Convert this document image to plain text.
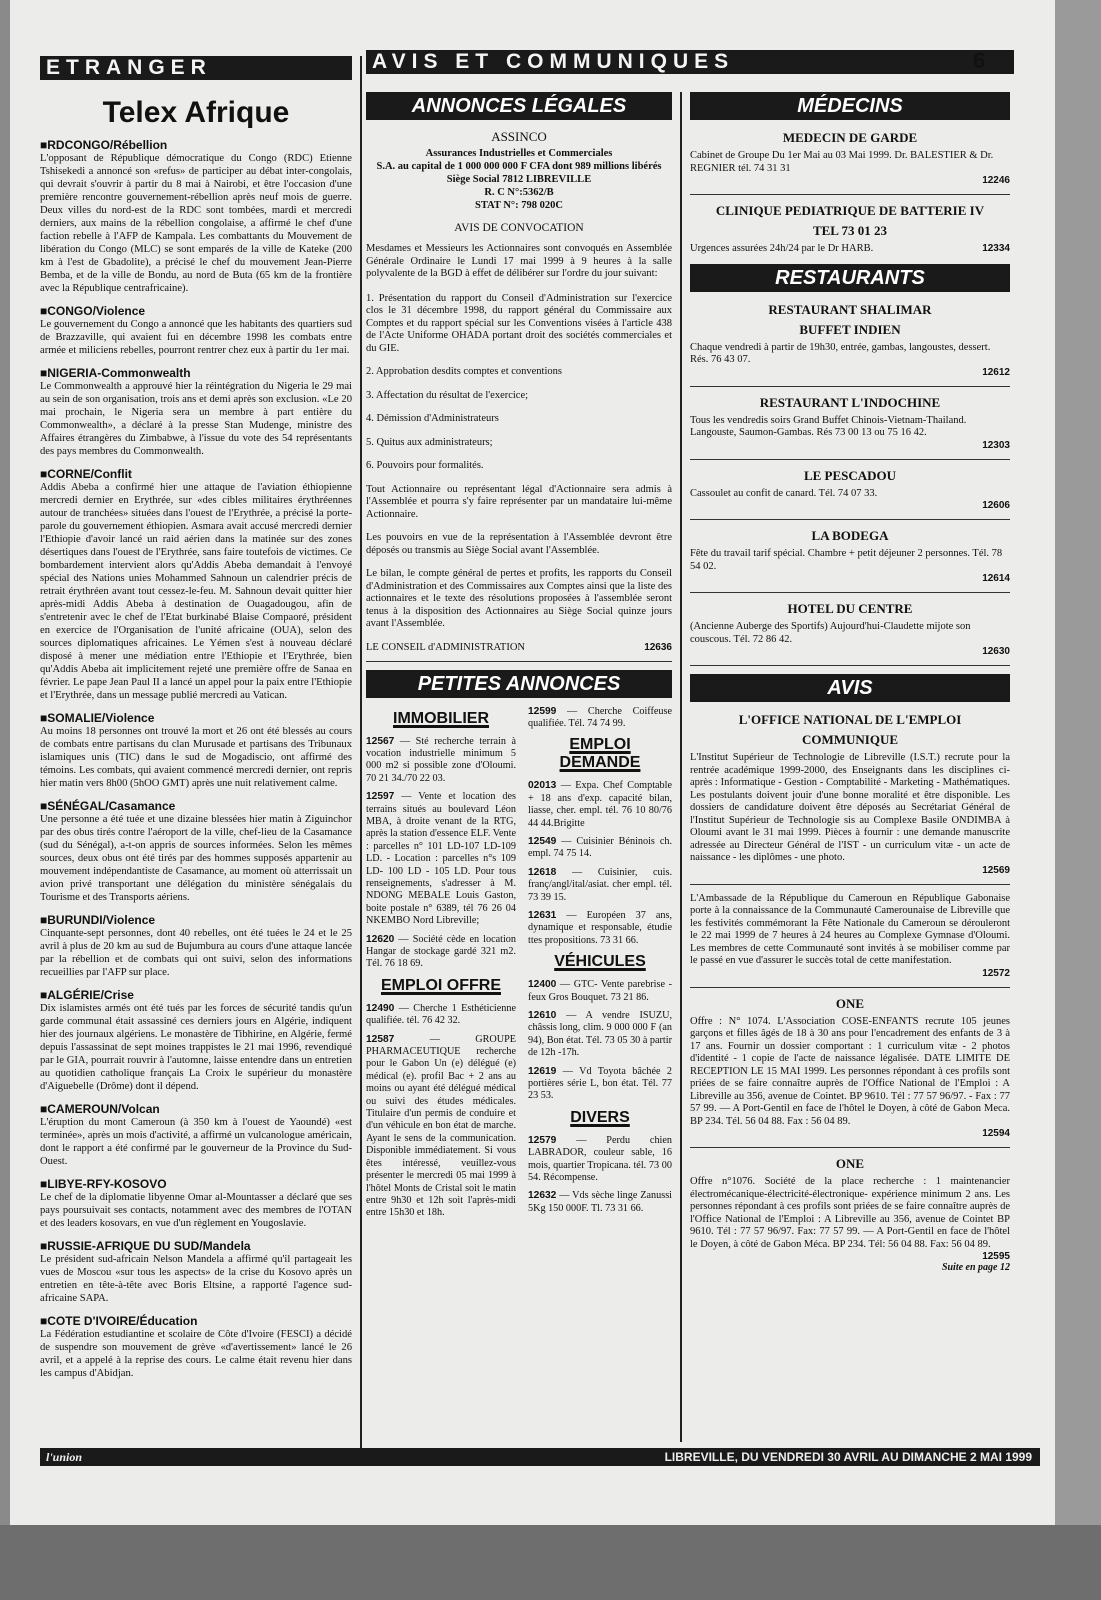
ETRANGER
Telex Afrique
■ RDCONGO/Rébellion

L'opposant de République démocratique du Congo (RDC) Etienne Tshisekedi a annoncé son «refus» de participer au débat inter-congolais, qui devrait s'ouvrir à partir du 8 mai à Nairobi, et être l'occasion d'une première rencontre gouvernement-rébellion après neuf mois de guerre. Deux villes du nord-est de la RDC sont tombées, mardi et mercredi derniers, aux mains de la rébellion congolaise, a affirmé le chef d'une faction rebelle à l'AFP de Kampala. Les combattants du Mouvement de libération du Congo (MLC) se sont emparés de la ville de Kateke (200 km à l'est de Gbadolite), a précisé le chef du mouvement Jean-Pierre Bemba, et de la ville de Bondu, au nord de Buta (65 km de la frontière avec la République centrafricaine).

■ CONGO/Violence

Le gouvernement du Congo a annoncé que les habitants des quartiers sud de Brazzaville, qui avaient fui en décembre 1998 les combats entre armée et miliciens rebelles, pourront rentrer chez eux à partir du 1er mai.

■ NIGERIA-Commonwealth

Le Commonwealth a approuvé hier la réintégration du Nigeria le 29 mai au sein de son organisation, trois ans et demi après son exclusion. «Le 20 mai prochain, le Nigeria sera un membre à part entière du Commonwealth», a déclaré à la presse Stan Mudenge, ministre des Affaires étrangères du Zimbabwe, à l'issue du vote des 54 représentants des pays membres du Commonwealth.

■ CORNE/Conflit

Addis Abeba a confirmé hier une attaque de l'aviation éthiopienne mercredi dernier en Erythrée, sur «des cibles militaires érythréennes autour de tranchées» situées dans l'ouest de l'Erythrée, a précisé la porte-parole du gouvernement éthiopien. Asmara avait accusé mercredi dernier l'Ethiopie d'avoir lancé un raid aérien dans la matinée sur des zones désertiques dans l'ouest de l'Erythrée, sans faire toutefois de victimes. Ce bombardement intervient alors qu'Addis Abeba demandait à l'envoyé spécial des Nations unies Mohammed Sahnoun un calendrier précis de retrait érythréen avant tout cessez-le-feu. M. Sahnoun devait quitter hier après-midi Addis Abeba à destination de Ouagadougou, afin de s'entretenir avec le chef de l'Etat burkinabé Blaise Compaoré, président en exercice de l'Organisation de l'unité africaine (OUA), selon des sources diplomatiques africaines. Le Yémen s'est à nouveau déclaré disposé à mener une médiation entre l'Ethiopie et l'Erythrée, bien qu'Addis Abeba ait implicitement rejeté une première offre de Sanaa en février. Le pape Jean Paul II a lancé un appel pour la paix entre l'Ethiopie et l'Erythrée, dans un message publié mercredi au Vatican.

■ SOMALIE/Violence

Au moins 18 personnes ont trouvé la mort et 26 ont été blessés au cours de combats entre partisans du clan Murusade et partisans des Tribunaux islamiques unis (TIC) dans le sud de Mogadiscio, ont affirmé des témoins. Les combats, qui avaient commencé mercredi dernier, ont repris hier matin vers 8h00 (5hOO GMT) après une nuit relativement calme.

■ SÉNÉGAL/Casamance

Une personne a été tuée et une dizaine blessées hier matin à Ziguinchor par des obus tirés contre l'aéroport de la ville, chef-lieu de la Casamance (sud du Sénégal), a-t-on appris de sources informées. Selon les mêmes sources, deux obus ont été tirés par des hommes supposés appartenir au mouvement indépendantiste de Casamance, au moment où atterrissait un avion privé transportant une délégation du ministère sénégalais du Tourisme et des Transports aériens.

■ BURUNDI/Violence

Cinquante-sept personnes, dont 40 rebelles, ont été tuées le 24 et le 25 avril à plus de 20 km au sud de Bujumbura au cours d'une attaque lancée par la rébellion et de combats qui ont suivi, selon des informations recueillies par l'AFP sur place.

■ ALGÉRIE/Crise

Dix islamistes armés ont été tués par les forces de sécurité tandis qu'un garde communal était assassiné ces derniers jours en Algérie, indiquent hier des journaux algériens. Le monastère de Tibhirine, en Algérie, fermé depuis l'assassinat de sept moines trappistes le 21 mai 1996, revendiqué par le GIA, pourrait rouvrir à l'automne, laisse entendre dans un entretien au quotidien catholique français La Croix le supérieur du monastère d'Aiguebelle (Drôme) dont il dépend.

■ CAMEROUN/Volcan

L'éruption du mont Cameroun (à 350 km à l'ouest de Yaoundé) «est terminée», après un mois d'activité, a affirmé un vulcanologue américain, dont le rapport a été confirmé par le gouverneur de la Province du Sud-Ouest.

■ LIBYE-RFY-KOSOVO

Le chef de la diplomatie libyenne Omar al-Mountasser a déclaré que ses pays poursuivait ses contacts, notamment avec des membres de l'OTAN et des leaders kosovars, en vue d'un règlement en Yougoslavie.

■ RUSSIE-AFRIQUE DU SUD/Mandela

Le président sud-africain Nelson Mandela a affirmé qu'il partageait les vues de Moscou «sur tous les aspects» de la crise du Kosovo après un entretien en tête-à-tête avec Boris Eltsine, a rapporté l'agence sud-africaine SAPA.

■ COTE D'IVOIRE/Éducation

La Fédération estudiantine et scolaire de Côte d'Ivoire (FESCI) a décidé de suspendre son mouvement de grève «d'avertissement» lancé le 26 avril, et a appelé à la reprise des cours. Le calme était revenu hier dans les campus d'Abidjan.

AVIS ET COMMUNIQUES	6
ANNONCES LÉGALES
ASSINCO
Assurances Industrielles et Commerciales
S.A. au capital de 1 000 000 000 F CFA dont 989 millions libérés
Siège Social 7812 LIBREVILLE
R. C N°:5362/B
STAT N°: 798 020C
AVIS DE CONVOCATION
Mesdames et Messieurs les Actionnaires sont convoqués en Assemblée Générale Ordinaire le Lundi 17 mai 1999 à 9 heures à la salle polyvalente de la BGD à effet de délibérer sur l'ordre du jour suivant:
1. Présentation du rapport du Conseil d'Administration sur l'exercice clos le 31 décembre 1998, du rapport général du Commissaire aux Comptes et du rapport spécial sur les Conventions visées à l'article 438 de l'Acte Uniforme OHADA portant droit des sociétés commerciales et du GIE.
2. Approbation desdits comptes et conventions
3. Affectation du résultat de l'exercice;
4. Démission d'Administrateurs
5. Quitus aux administrateurs;
6. Pouvoirs pour formalités.
Tout Actionnaire ou représentant légal d'Actionnaire sera admis à l'Assemblée et pourra s'y faire représenter par un mandataire lui-même Actionnaire.
Les pouvoirs en vue de la représentation à l'Assemblée devront être déposés ou transmis au Siège Social avant l'Assemblée.
Le bilan, le compte général de pertes et profits, les rapports du Conseil d'Administration et des Commissaires aux Comptes ainsi que la liste des actionnaires et le texte des résolutions proposées à l'assemblée seront tenus à la disposition des Actionnaires au Siège Social quinze jours avant l'Assemblée.
LE CONSEIL d'ADMINISTRATION	12636
PETITES ANNONCES
IMMOBILIER

12567 — Sté recherche terrain à vocation industrielle minimum 5 000 m2 si possible zone d'Oloumi. 70 21 34./70 22 03.

12597 — Vente et location des terrains situés au boulevard Léon MBA, à droite venant de la RTG, après la station d'essence ELF. Vente : parcelles n° 101 LD-107 LD-109 LD. - Location : parcelles n°s 109 LD- 100 LD - 105 LD. Pour tous renseignements, s'adresser à M. NDONG MEBALE Louis Gaston, boite postale n° 6389, tél 76 26 04 NKEMBO Nord Libreville;

12620 — Société cède en location Hangar de stockage gardé 321 m2. Tél. 76 18 69.

EMPLOI OFFRE

12490 — Cherche 1 Esthéticienne qualifiée. tél. 76 42 32.

12587 — GROUPE PHARMACEUTIQUE recherche pour le Gabon Un (e) délégué (e) médical (e). profil Bac + 2 ans au moins ou ayant été délégué médical ou suivi des études médicales. Titulaire d'un permis de conduire et d'un véhicule en bon état de marche. Ayant le sens de la communication. Disponible immédiatement. Si vous êtes intéressé, veuillez-vous présenter le mercredi 05 mai 1999 à l'hôtel Monts de Cristal soit le matin entre 9h30 et 12h soit l'après-midi entre 15h30 et 18h.

12599 — Cherche Coiffeuse qualifiée. Tél. 74 74 99.

EMPLOI DEMANDE

02013 — Expa. Chef Comptable + 18 ans d'exp. capacité bilan, liasse, cher. empl. tél. 76 10 80/76 44 44.Brigitte

12549 — Cuisinier Béninois ch. empl. 74 75 14.

12618 — Cuisinier, cuis. franç/angl/ital/asiat. cher empl. tél. 73 39 15.

12631 — Européen 37 ans, dynamique et responsable, étudie ttes propositions. 73 31 66.

VÉHICULES

12400 — GTC- Vente parebrise - feux Gros Bouquet. 73 21 86.

12610 — A vendre ISUZU, châssis long, clim. 9 000 000 F (an 94), Bon état. Tél. 73 05 30 à partir de 12h -17h.

12619 — Vd Toyota bâchée 2 portières série L, bon état. Tél. 77 23 53.

DIVERS

12579 — Perdu chien LABRADOR, couleur sable, 16 mois, quartier Tropicana. tél. 73 00 54. Récompense.

12632 — Vds sèche linge Zanussi 5Kg 150 000F. Tl. 73 31 66.

MÉDECINS
MEDECIN DE GARDE
Cabinet de Groupe Du 1er Mai au 03 Mai 1999. Dr. BALESTIER & Dr. REGNIER tél. 74 31 31
12246
CLINIQUE PEDIATRIQUE DE BATTERIE IV
TEL 73 01 23
Urgences assurées 24h/24 par le Dr HARB.	12334
RESTAURANTS
RESTAURANT SHALIMAR
BUFFET INDIEN
Chaque vendredi à partir de 19h30, entrée, gambas, langoustes, dessert. Rés. 76 43 07.
12612
RESTAURANT L'INDOCHINE
Tous les vendredis soirs Grand Buffet Chinois-Vietnam-Thailand. Langouste, Saumon-Gambas. Rés 73 00 13 ou 75 16 42.
12303
LE PESCADOU
Cassoulet au confit de canard. Tél. 74 07 33.
12606
LA BODEGA
Fête du travail tarif spécial. Chambre + petit déjeuner 2 personnes. Tél. 78 54 02.
12614
HOTEL DU CENTRE
(Ancienne Auberge des Sportifs) Aujourd'hui-Claudette mijote son couscous. Tél. 72 86 42.
12630
AVIS
L'OFFICE NATIONAL DE L'EMPLOI
COMMUNIQUE
L'Institut Supérieur de Technologie de Libreville (I.S.T.) recrute pour la rentrée académique 1999-2000, des Enseignants dans les disciplines ci-après : Informatique - Gestion - Comptabilité - Marketing - Mathématiques. Les postulants doivent jouir d'une bonne moralité et être disponible. Les dossiers de candidature doivent être déposés au Secrétariat Général de l'Institut Supérieur de Technologie sis au Complexe Basile ONDIMBA à Oloumi avant le 31 mai 1999. Pièces à fournir : une demande manuscrite adressée au Directeur Général de l'IST - un curriculum vitæ - un acte de naissance - les diplômes - une photo.
12569
L'Ambassade de la République du Cameroun en République Gabonaise porte à la connaissance de la Communauté Camerounaise de Libreville que les festivités commémorant la Fête Nationale du Cameroun se dérouleront le 22 mai 1999 de 7 heures à 24 heures au Complexe Gymnase d'Oloumi. Les membres de cette Communauté sont invités à se mobiliser comme par le passé en vue d'assurer le succès total de cette manifestation.
12572
ONE
Offre : N° 1074. L'Association COSE-ENFANTS recrute 105 jeunes garçons et filles âgés de 18 à 30 ans pour l'encadrement des enfants de 3 à 17 ans. Fournir un dossier comportant : 1 curriculum vitæ - 2 photos d'identité - 1 copie de l'acte de naissance légalisée. DATE LIMITE DE RECEPTION LE 15 MAI 1999. Les personnes répondant à ces profils sont priées de se faire connaître auprès de l'Office National de l'Emploi : A Libreville au 356, avenue de Cointet. BP 9610. Tél : 77 57 96/97. - Fax : 77 57 99. — A Port-Gentil en face de l'hôtel le Doyen, à côté de Gabon Meca. BP 234. Tél. 56 04 88. Fax : 56 04 89.
12594
ONE
Offre n°1076. Société de la place recherche : 1 maintenancier électromécanique-électricité-électronique- expérience minimum 2 ans. Les personnes répondant à ces profils sont priées de se faire connaître auprès de l'Office National de l'Emploi : A Libreville au 356, avenue de Cointet BP 9610. Tél : 77 57 96/97. Fax: 77 57 99. — A Port-Gentil en face de l'hôtel le Doyen, à côté de Gabon Méca. BP 234. Tél: 56 04 88. Fax: 56 04 89.
12595
Suite en page 12
l'union	LIBREVILLE, DU VENDREDI 30 AVRIL AU DIMANCHE 2 MAI 1999
